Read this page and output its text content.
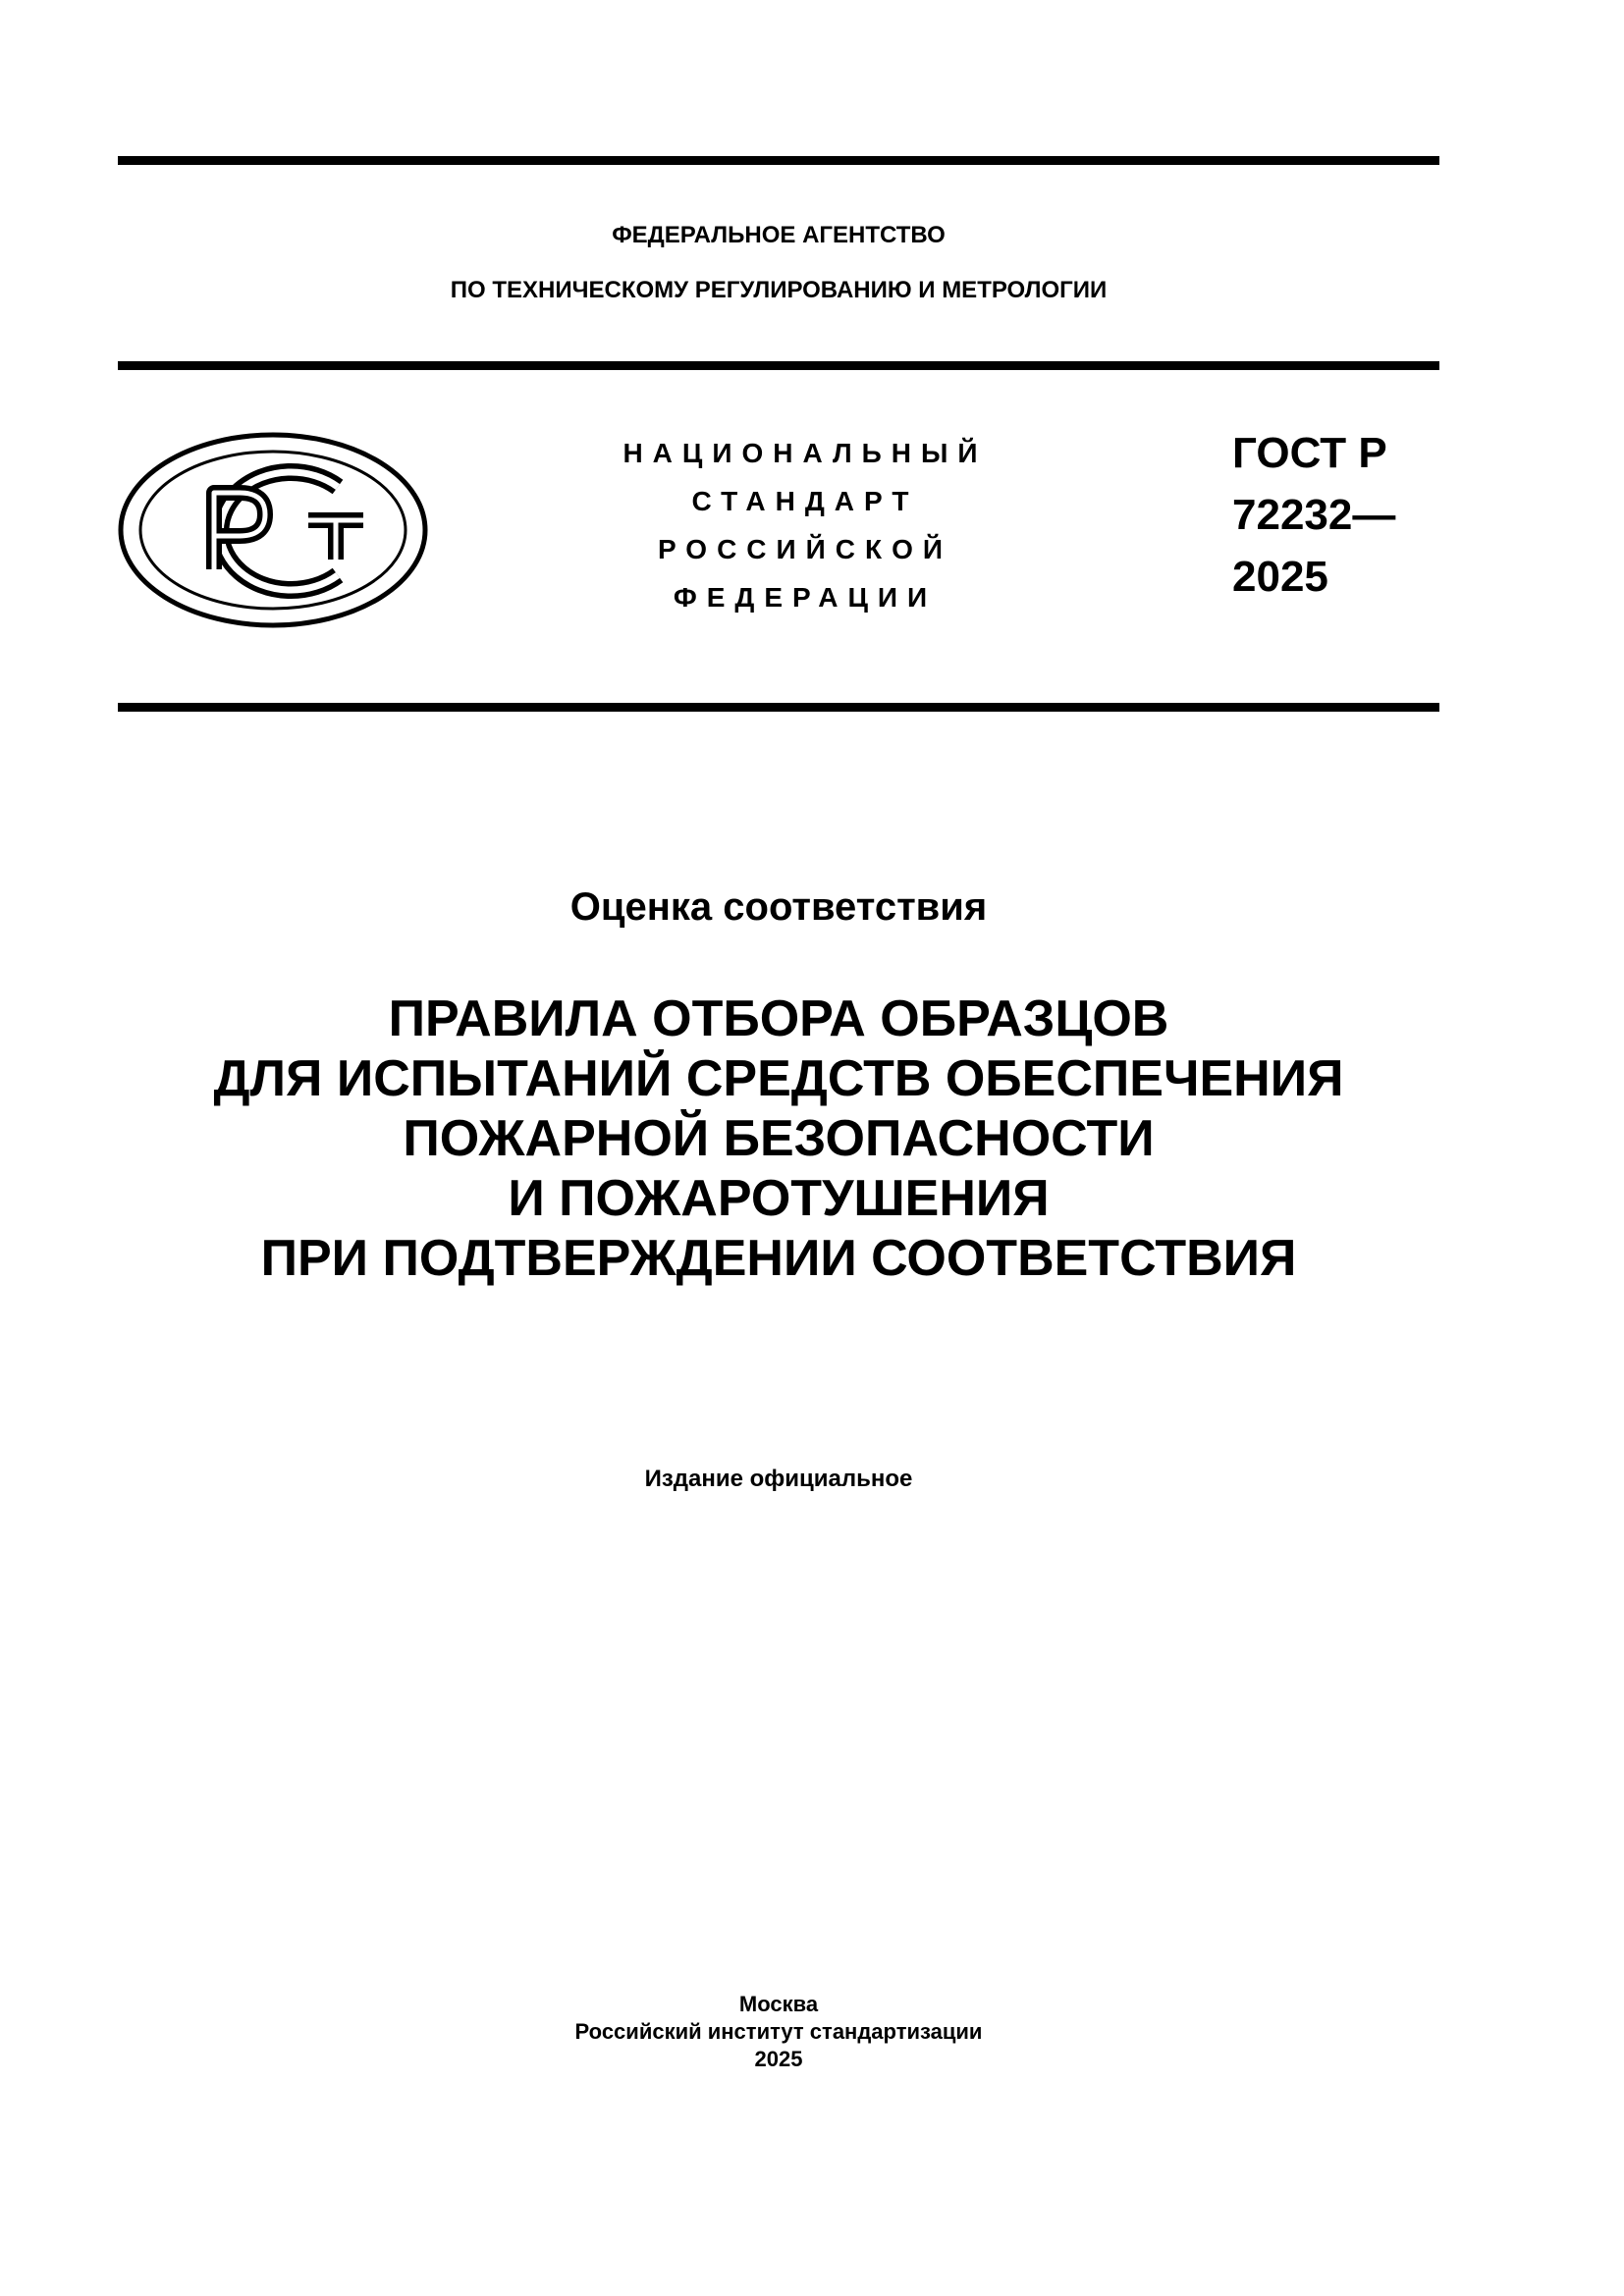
ФЕДЕРАЛЬНОЕ АГЕНТСТВО
ПО ТЕХНИЧЕСКОМУ РЕГУЛИРОВАНИЮ И МЕТРОЛОГИИ
НАЦИОНАЛЬНЫЙ
СТАНДАРТ
РОССИЙСКОЙ
ФЕДЕРАЦИИ
ГОСТ Р
72232—
2025
Оценка соответствия
ПРАВИЛА ОТБОРА ОБРАЗЦОВ
ДЛЯ ИСПЫТАНИЙ СРЕДСТВ ОБЕСПЕЧЕНИЯ
ПОЖАРНОЙ БЕЗОПАСНОСТИ
И ПОЖАРОТУШЕНИЯ
ПРИ ПОДТВЕРЖДЕНИИ СООТВЕТСТВИЯ
Издание официальное
Москва
Российский институт стандартизации
2025
